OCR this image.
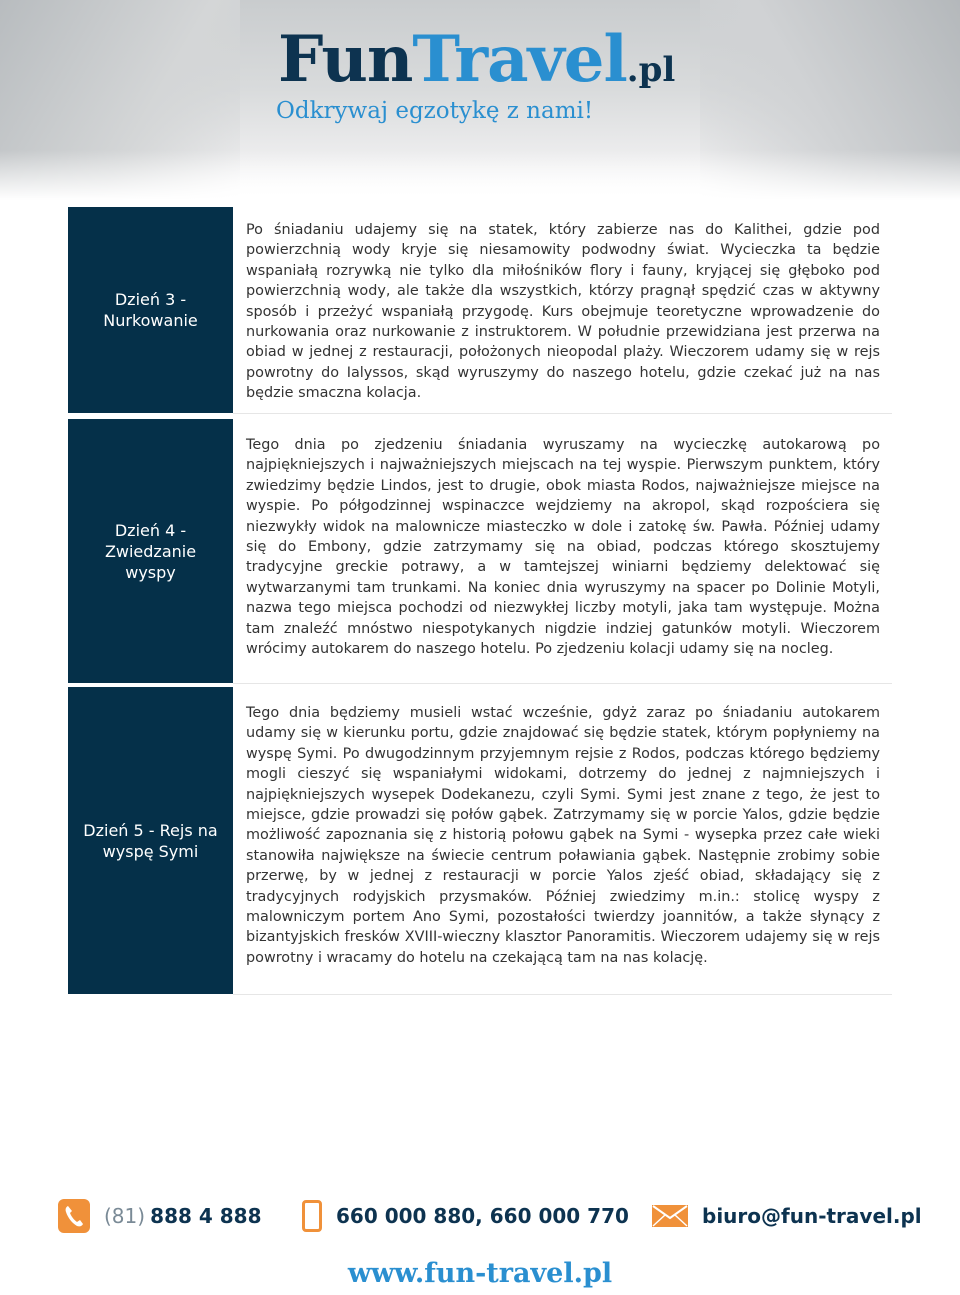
FunTravel.pl
Odkrywaj egzotykę z nami!
Dzień 3 - Nurkowanie
Po śniadaniu udajemy się na statek, który zabierze nas do Kalithei, gdzie pod powierzchnią wody kryje się niesamowity podwodny świat. Wycieczka ta będzie wspaniałą rozrywką nie tylko dla miłośników flory i fauny, kryjącej się głęboko pod powierzchnią wody, ale także dla wszystkich, którzy pragnął spędzić czas w aktywny sposób i przeżyć wspaniałą przygodę. Kurs obejmuje teoretyczne wprowadzenie do nurkowania oraz nurkowanie z instruktorem. W południe przewidziana jest przerwa na obiad w jednej z restauracji, położonych nieopodal plaży. Wieczorem udamy się w rejs powrotny do Ialyssos, skąd wyruszymy do naszego hotelu, gdzie czekać już na nas będzie smaczna kolacja.
Dzień 4 - Zwiedzanie wyspy
Tego dnia po zjedzeniu śniadania wyruszamy na wycieczkę autokarową po najpiękniejszych i najważniejszych miejscach na tej wyspie. Pierwszym punktem, który zwiedzimy będzie Lindos, jest to drugie, obok miasta Rodos, najważniejsze miejsce na wyspie. Po półgodzinnej wspinaczce wejdziemy na akropol, skąd rozpościera się niezwykły widok na malownicze miasteczko w dole i zatokę św. Pawła. Później udamy się do Embony, gdzie zatrzymamy się na obiad, podczas którego skosztujemy tradycyjne greckie potrawy, a w tamtejszej winiarni będziemy delektować się wytwarzanymi tam trunkami. Na koniec dnia wyruszymy na spacer po Dolinie Motyli, nazwa tego miejsca pochodzi od niezwykłej liczby motyli, jaka tam występuje. Można tam znaleźć mnóstwo niespotykanych nigdzie indziej gatunków motyli. Wieczorem wrócimy autokarem do naszego hotelu. Po zjedzeniu kolacji udamy się na nocleg.
Dzień 5 - Rejs na wyspę Symi
Tego dnia będziemy musieli wstać wcześnie, gdyż zaraz po śniadaniu autokarem udamy się w kierunku portu, gdzie znajdować się będzie statek, którym popłyniemy na wyspę Symi. Po dwugodzinnym przyjemnym rejsie z Rodos, podczas którego będziemy mogli cieszyć się wspaniałymi widokami, dotrzemy do jednej z najmniejszych i najpiękniejszych wysepek Dodekanezu, czyli Symi. Symi jest znane z tego, że jest to miejsce, gdzie prowadzi się połów gąbek. Zatrzymamy się w porcie Yalos, gdzie będzie możliwość zapoznania się z historią połowu gąbek na Symi - wysepka przez całe wieki stanowiła największe na świecie centrum poławiania gąbek. Następnie zrobimy sobie przerwę, by w jednej z restauracji w porcie Yalos zjeść obiad, składający się z tradycyjnych rodyjskich przysmaków. Później zwiedzimy m.in.: stolicę wyspy z malowniczym portem Ano Symi, pozostałości twierdzy joannitów, a także słynący z bizantyjskich fresków XVIII-wieczny klasztor Panoramitis. Wieczorem udajemy się w rejs powrotny i wracamy do hotelu na czekającą tam na nas kolację.
(81)
888 4 888	660 000 880, 660 000 770	biuro@fun-travel.pl
www.fun-travel.pl
